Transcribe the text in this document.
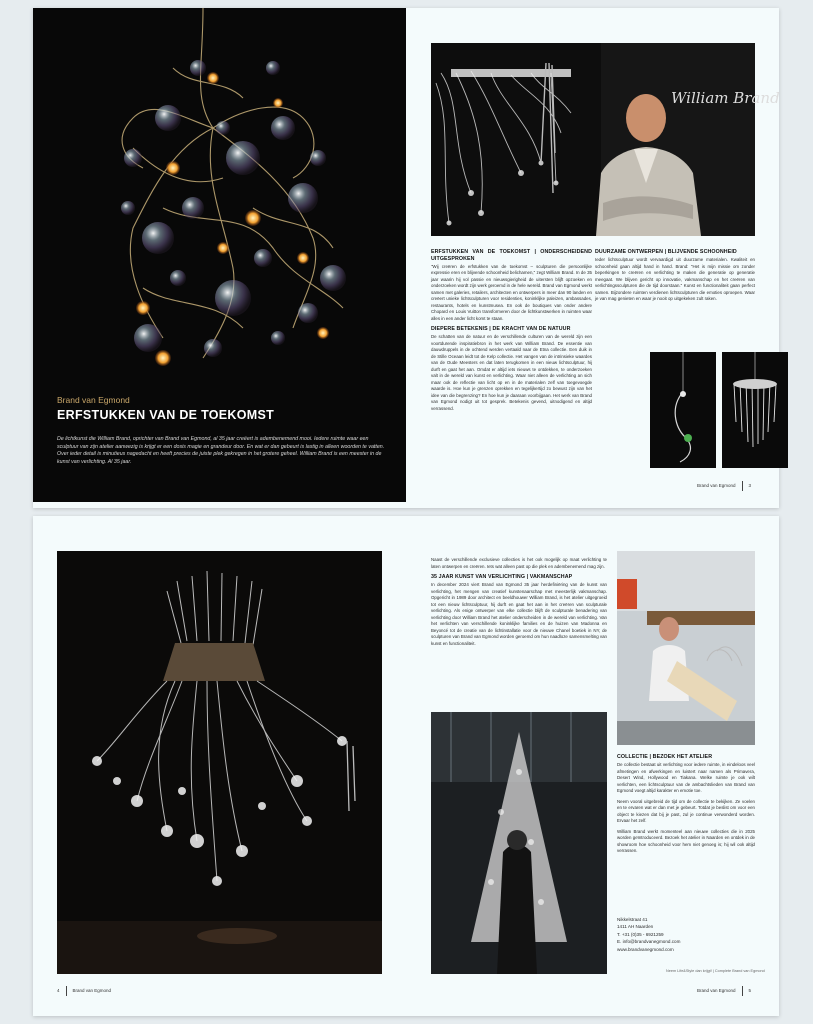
Brand van Egmond
ERFSTUKKEN VAN DE TOEKOMST
De lichtkunst die William Brand, oprichter van Brand van Egmond, al 35 jaar creëert is adembenemend mooi. Iedere ruimte waar een sculptuur van zijn atelier aanwezig is krijgt er een dosis magie en grandeur door. En wat er dan gebeurt is lastig in alleen woorden te vatten. Over ieder detail is minutieus nagedacht en heeft precies de juiste plek gekregen in het grotere geheel. William Brand is een meester in de kunst van verlichting. Al 35 jaar.
William Brand
ERFSTUKKEN VAN DE TOEKOMST | ONDERSCHEIDEND UITGESPROKEN

"Wij creëren de erfstukken van de toekomst – sculpturen die persoonlijke expressie eren en blijvende schoonheid belichamen," zegt William Brand. In de 35 jaar waarin hij vol passie en nieuwsgierigheid de uitersten blijft opzoeken en onderzoeken wordt zijn werk geroemd in de hele wereld. Brand van Egmond werkt samen met galeries, retailers, architecten en ontwerpers in meer dan 90 landen en creëert unieke lichtsculpturen voor residenties, koninklijke paleizen, ambassades, restaurants, hotels en kunstmusea. En ook de boutiques van onder andere Chopard en Louis Vuitton transformeren door de lichtkunstwerken in ruimten waar alles in een ander licht komt te staan.

DIEPERE BETEKENIS | DE KRACHT VAN DE NATUUR

De schatten van de natuur en de verschillende culturen van de wereld zijn een voortdurende inspiratiebron in het werk van William Brand. De essentie van dauwdruppels in de ochtend werden vertaald naar de Etna collectie. Een duik in de Stille Oceaan leidt tot de Kelp collectie. Het vangen van de intrinsieke waardes van de Oude Meesters en dat laten terugkomen in een nieuw lichtsculptuur, hij durft en gaat het aan. Omdat er altijd iets nieuws te ontdekken, te onderzoeken valt in de wereld van kunst en verlichting. Waar niet alleen de verlichting an sich maar ook de reflectie van licht op en in de materialen zelf van toegevoegde waarde is. Hoe kun je grenzen oprekken en tegelijkertijd zo bewust zijn van het idee van die begrenzing? En hoe kun je daaraan voorbijgaan. Het werk van Brand van Egmond nodigt uit tot gesprek. Betekenis gevend, uitnodigend en altijd verrassend.

DUURZAME ONTWERPEN | BLIJVENDE SCHOONHEID

Ieder lichtsculptuur wordt vervaardigd uit duurzame materialen. Kwaliteit en schoonheid gaan altijd hand in hand. Brand: "Het is mijn missie om zonder beperkingen te creëren en verlichting te maken die generatie op generatie meegaat. We blijven gericht op innovatie, vakmanschap en het creëren van verlichtingssculpturen die de tijd doorstaan." Kunst en functionaliteit gaan perfect samen. Bijzondere ruimten verdienen lichtsculpturen die emoties oproepen. Waar je van mag genieten en waar je nooit op uitgekeken zult raken.

Brand van Egmond	3
4	Brand van Egmond

Naast de verschillende exclusieve collecties is het ook mogelijk op maat verlichting te laten ontwerpen en creëren. Iets wat alleen past op die plek en adembenemend mag zijn.

35 JAAR KUNST VAN VERLICHTING | VAKMANSCHAP

In december 2024 viert Brand van Egmond 35 jaar herdefiniëring van de kunst van verlichting, het mengen van creatief kunstenaarschap met meesterlijk vakmanschap. Opgericht in 1989 door architect en beeldhouwer William Brand, is het atelier uitgegroeid tot een nieuw lichtsculptuur, hij durft en gaat het aan in het creëren van sculpturale verlichting. Als enige ontwerper van elke collectie blijft de sculpturale benadering van verlichting door William Brand het atelier onderscheiden in de wereld van verlichting. Van het verlichten van verschillende koninklijke families en de huizen van Madonna en Beyoncé tot de creatie van de lichtinstallatie voor de nieuwe Chanel boetiek in NY, de sculpturen van Brand van Egmond worden geroemd om hun naadloze samensmelting van kunst en functionaliteit.

COLLECTIE | BEZOEK HET ATELIER

De collectie bestaat uit verlichting voor iedere ruimte, in eindeloos veel afmetingen en afwerkingen en luistert naar namen als Primavera, Desert Wind, Hollywood en Tiakana. Welke ruimte je ook wilt verlichten, een lichtsculptuur van de ambachtslieden van Brand van Egmond voegt altijd karakter en emotie toe.

Neem vooral uitgebreid de tijd om de collectie te bekijken. Ze voelen en te ervaren wat er dan met je gebeurt. Totdat je beslist om voor een object te kiezen dat bij je past, zul je continue verwonderd worden. Ervaar het zelf.

William Brand werkt momenteel aan nieuwe collecties die in 2025 worden geïntroduceerd. Bezoek het atelier in Naarden en ontdek in de showroom hoe schoonheid voor hem niet genoeg is; hij wil ook altijd verrassen.

Nikkelstraat 41
1411 AH Naarden
T. +31 (0)35 - 6921259
E. info@brandvanegmond.com
www.brandvanegmond.com
Neem Life&Style dan krijgt! | Complete Brand van Egmond
Brand van Egmond	5
